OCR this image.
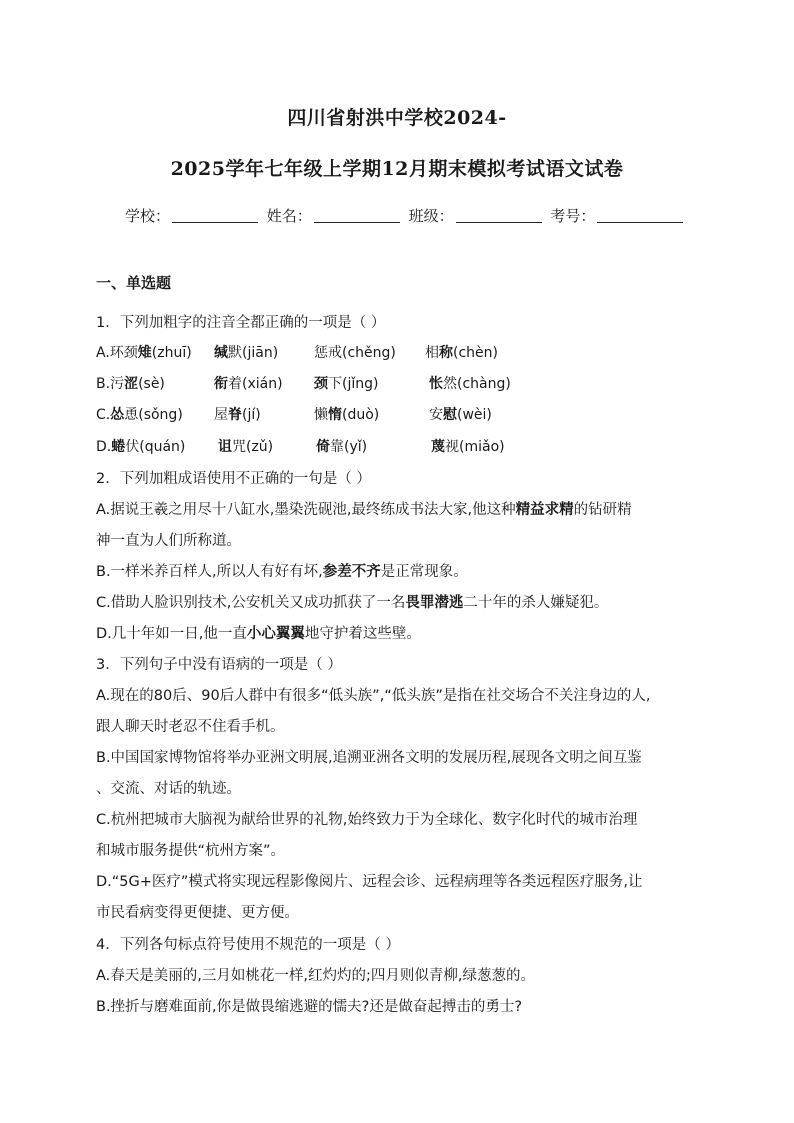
四川省射洪中学校2024-
2025学年七年级上学期12月期末模拟考试语文试卷
学校：	姓名：	班级：	考号：
一、单选题
1．下列加粗字的注音全都正确的一项是（ ）
A.环颈雉(zhuī) 缄默(jiān)	惩戒(chěng) 相称(chèn)
B.污涩(sè)	衔着(xián) 颈下(jǐng)	怅然(chàng)
C.怂恿(sǒng) 屋脊(jí)	懒惰(duò)	安慰(wèi)
D.蜷伏(quán) 诅咒(zǔ)	倚靠(yǐ)	蔑视(miǎo)
2．下列加粗成语使用不正确的一句是（ ）
A.据说王羲之用尽十八缸水,墨染洗砚池,最终练成书法大家,他这种精益求精的钻研精
神一直为人们所称道。
B.一样米养百样人,所以人有好有坏,参差不齐是正常现象。
C.借助人脸识别技术,公安机关又成功抓获了一名畏罪潜逃二十年的杀人嫌疑犯。
D.几十年如一日,他一直小心翼翼地守护着这些壁。
3．下列句子中没有语病的一项是（ ）
A.现在的80后、90后人群中有很多“低头族”,“低头族”是指在社交场合不关注身边的人,
跟人聊天时老忍不住看手机。
B.中国国家博物馆将举办亚洲文明展,追溯亚洲各文明的发展历程,展现各文明之间互鉴
、交流、对话的轨迹。
C.杭州把城市大脑视为献给世界的礼物,始终致力于为全球化、数字化时代的城市治理
和城市服务提供“杭州方案”。
D.“5G+医疗”模式将实现远程影像阅片、远程会诊、远程病理等各类远程医疗服务,让
市民看病变得更便捷、更方便。
4．下列各句标点符号使用不规范的一项是（ ）
A.春天是美丽的,三月如桃花一样,红灼灼的;四月则似青柳,绿葱葱的。
B.挫折与磨难面前,你是做畏缩逃避的懦夫?还是做奋起搏击的勇士?
